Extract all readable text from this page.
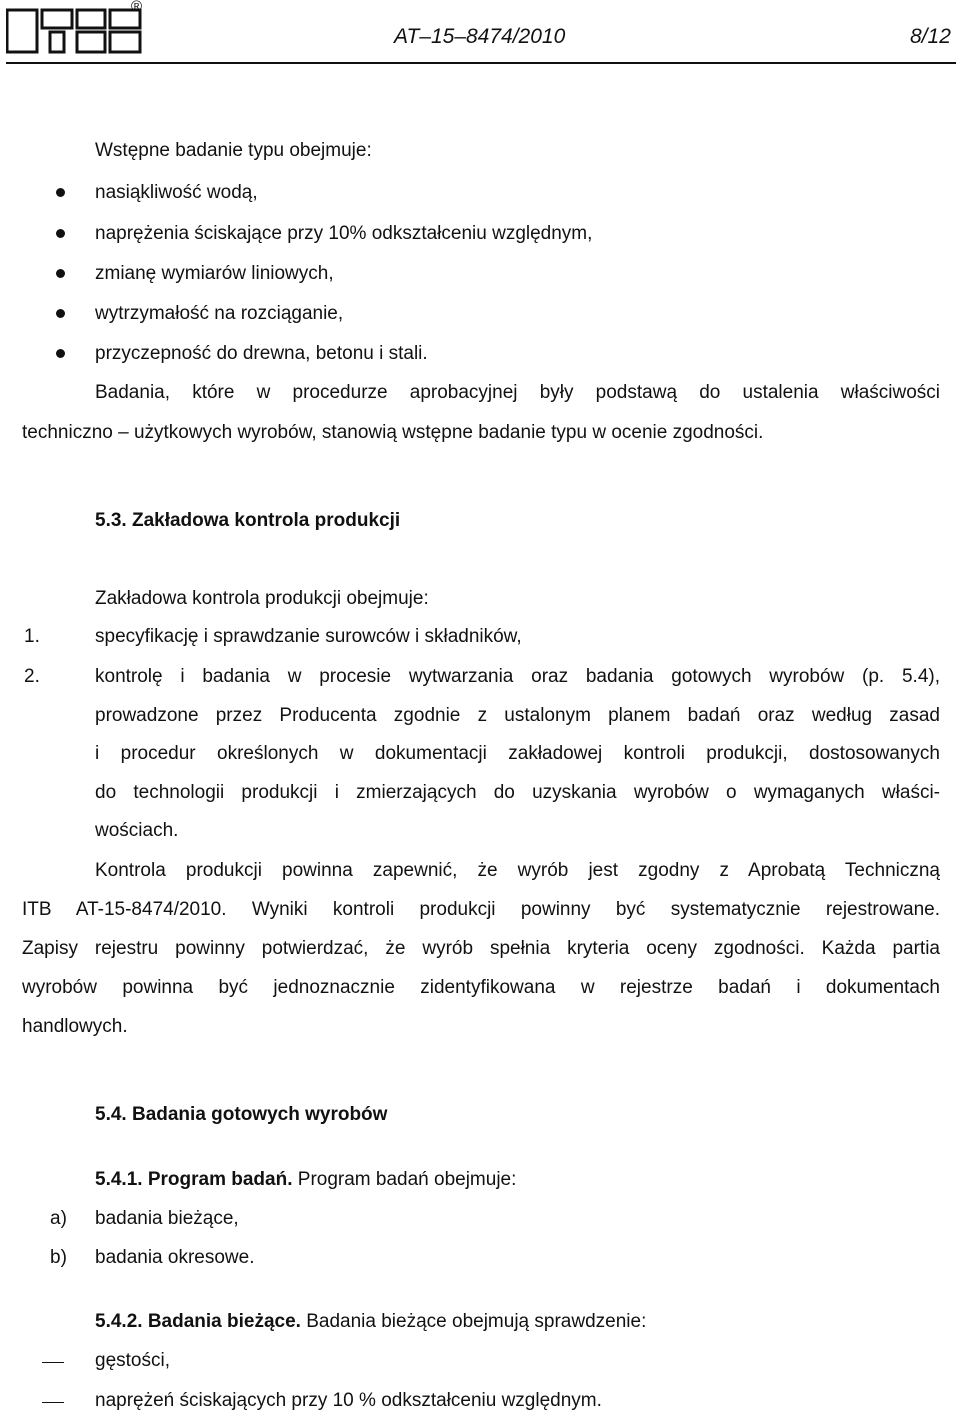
®
AT–15–8474/2010	8/12
Wstępne badanie typu obejmuje:
nasiąkliwość wodą,
naprężenia ściskające przy 10% odkształceniu względnym,
zmianę wymiarów liniowych,
wytrzymałość na rozciąganie,
przyczepność do drewna, betonu i stali.
Badania, które w procedurze aprobacyjnej były podstawą do ustalenia właściwości
techniczno – użytkowych wyrobów, stanowią wstępne badanie typu w ocenie zgodności.
5.3. Zakładowa kontrola produkcji
Zakładowa kontrola produkcji obejmuje:
1.	specyfikację i sprawdzanie surowców i składników,
2.	kontrolę i badania w procesie wytwarzania oraz badania gotowych wyrobów (p. 5.4),
prowadzone przez Producenta zgodnie z ustalonym planem badań oraz według zasad
i procedur określonych w dokumentacji zakładowej kontroli produkcji, dostosowanych
do technologii produkcji i zmierzających do uzyskania wyrobów o wymaganych właści-
wościach.
Kontrola produkcji powinna zapewnić, że wyrób jest zgodny z Aprobatą Techniczną
ITB AT-15-8474/2010. Wyniki kontroli produkcji powinny być systematycznie rejestrowane.
Zapisy rejestru powinny potwierdzać, że wyrób spełnia kryteria oceny zgodności. Każda partia
wyrobów powinna być jednoznacznie zidentyfikowana w rejestrze badań i dokumentach
handlowych.
5.4. Badania gotowych wyrobów
5.4.1. Program badań. Program badań obejmuje:
a) badania bieżące,
b) badania okresowe.
5.4.2. Badania bieżące. Badania bieżące obejmują sprawdzenie:
gęstości,
naprężeń ściskających przy 10 % odkształceniu względnym.
